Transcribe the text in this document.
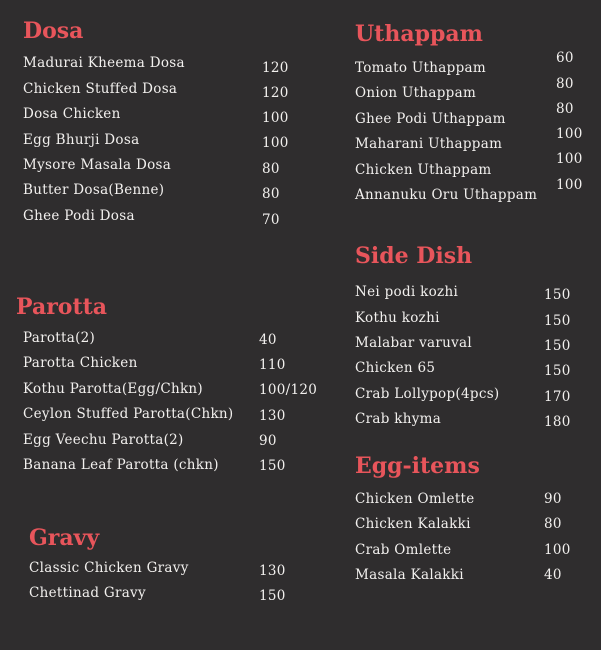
Dosa
Madurai Kheema Dosa	120
Chicken Stuffed Dosa	120
Dosa Chicken	100
Egg Bhurji Dosa	100
Mysore Masala Dosa	80
Butter Dosa(Benne)	80
Ghee Podi Dosa	70
Parotta
Parotta(2)	40
Parotta Chicken	110
Kothu Parotta(Egg/Chkn)	100/120
Ceylon Stuffed Parotta(Chkn) 130
Egg Veechu Parotta(2)	90
Banana Leaf Parotta (chkn)	150
Gravy
Classic Chicken Gravy	130
Chettinad Gravy	150
Uthappam
Tomato Uthappam
60
Onion Uthappam
80
Ghee Podi Uthappam
80
Maharani Uthappam
100
Chicken Uthappam
100
Annanuku Oru Uthappam
100
Side Dish
Nei podi kozhi	150
Kothu kozhi	150
Malabar varuval	150
Chicken 65	150
Crab Lollypop(4pcs)	170
Crab khyma	180
Egg-items
Chicken Omlette	90
Chicken Kalakki	80
Crab Omlette	100
Masala Kalakki	40
